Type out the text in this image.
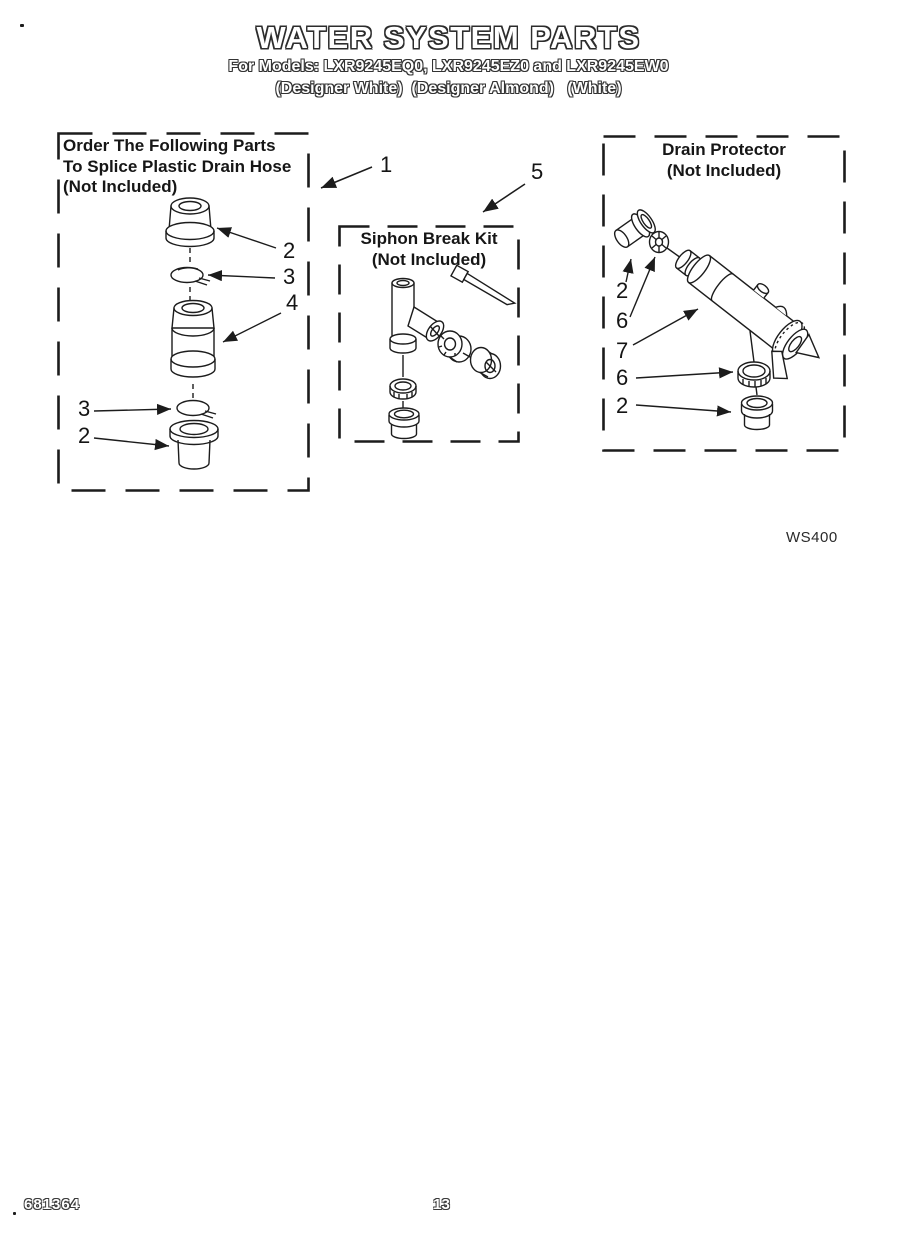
WATER SYSTEM PARTS
For Models: LXR9245EQ0, LXR9245EZ0 and LXR9245EW0
(Designer White)  (Designer Almond)   (White)
1	5
2
3
4
3
2
Order The Following Parts
To Splice Plastic Drain Hose
(Not Included)
Siphon Break Kit
(Not Included)
2
6
7
6
2
Drain Protector
(Not Included)
WS400
681364	13
